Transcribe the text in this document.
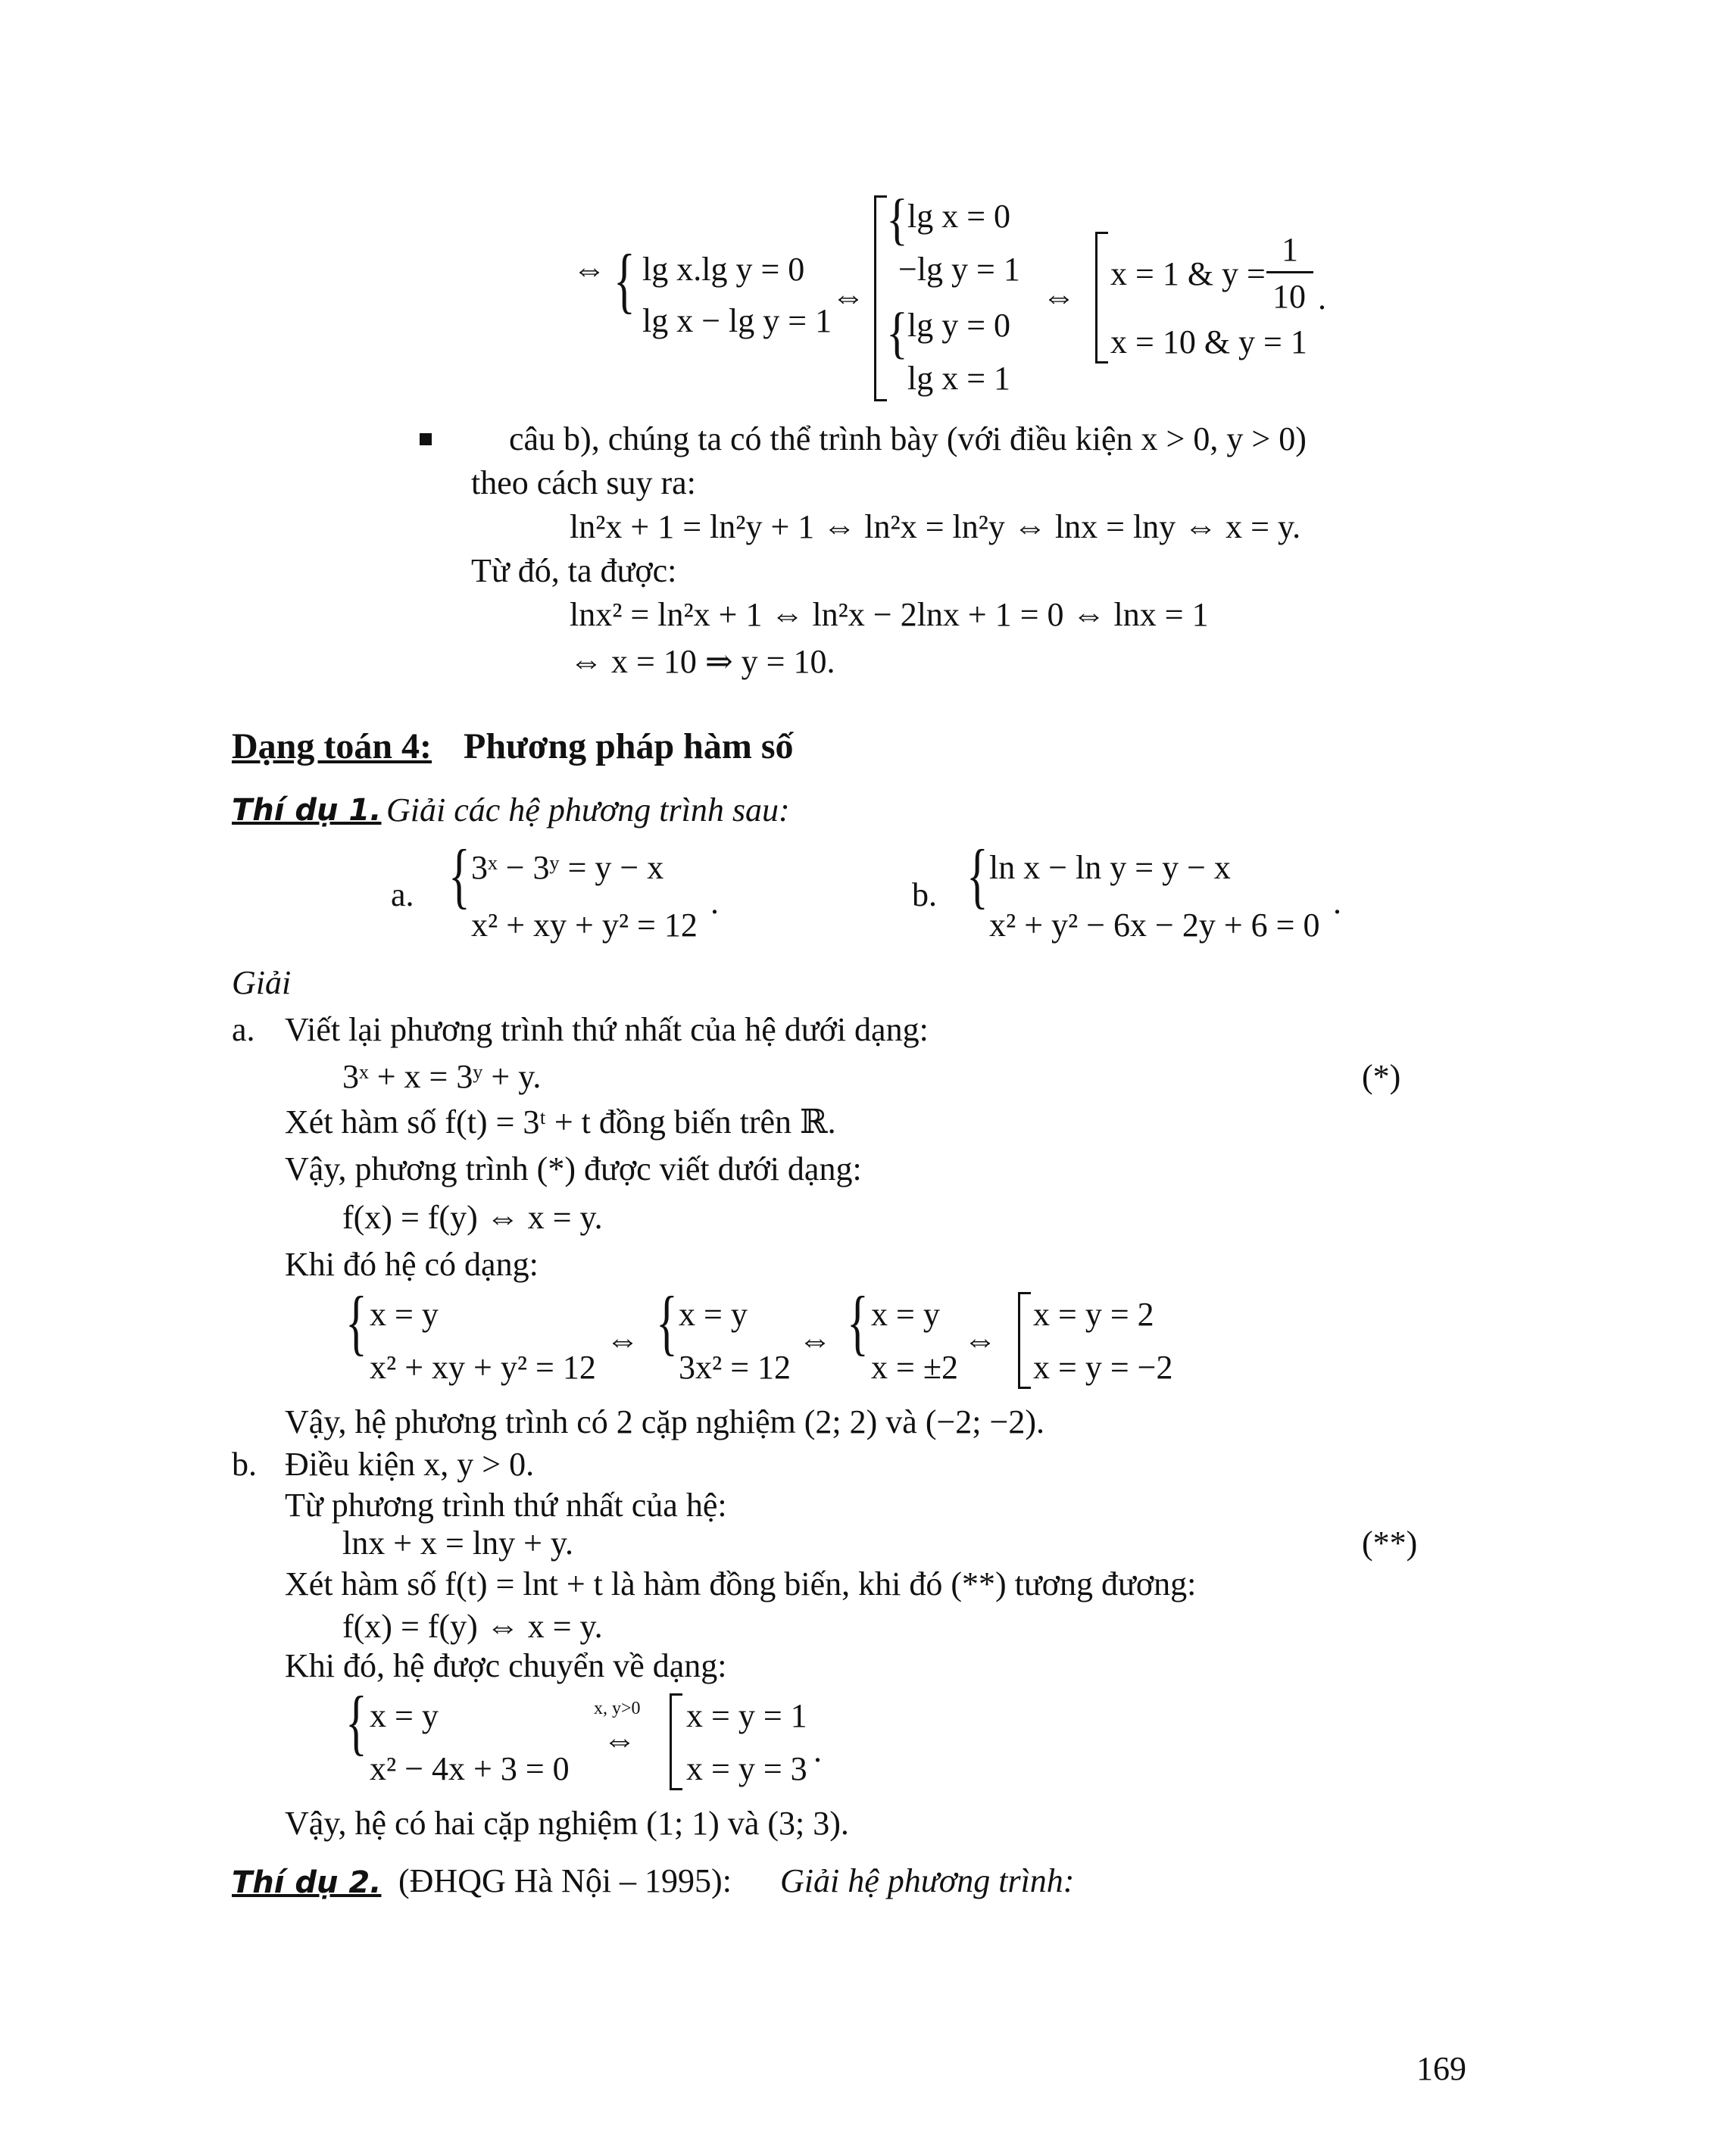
⇔ { lg x.lg y = 0
lg x − lg y = 1
⇔
{ lg x = 0
−lg y = 1
{ lg y = 0
lg x = 1
⇔
x = 1 & y =
1
10 .
x = 10 & y = 1
câu b), chúng ta có thể trình bày (với điều kiện x > 0, y > 0)
theo cách suy ra:
ln²x + 1 = ln²y + 1 ⇔ ln²x = ln²y ⇔ lnx = lny ⇔ x = y.
Từ đó, ta được:
lnx² = ln²x + 1 ⇔ ln²x − 2lnx + 1 = 0 ⇔ lnx = 1
⇔ x = 10 ⇒ y = 10.
Dạng toán 4: Phương pháp hàm số
Thí dụ 1. Giải các hệ phương trình sau:
a. { 3ˣ − 3ʸ = y − x
x² + xy + y² = 12
.	b. { ln x − ln y = y − x
x² + y² − 6x − 2y + 6 = 0
.
Giải
a. Viết lại phương trình thứ nhất của hệ dưới dạng:
3ˣ + x = 3ʸ + y.	(*)
Xét hàm số f(t) = 3ᵗ + t đồng biến trên ℝ.
Vậy, phương trình (*) được viết dưới dạng:
f(x) = f(y) ⇔ x = y.
Khi đó hệ có dạng:
{ x = y
x² + xy + y² = 12
⇔ { x = y
3x² = 12
⇔ { x = y
x = ±2
⇔
x = y = 2
x = y = −2
Vậy, hệ phương trình có 2 cặp nghiệm (2; 2) và (−2; −2).
b. Điều kiện x, y > 0.
Từ phương trình thứ nhất của hệ:
lnx + x = lny + y.	(**)
Xét hàm số f(t) = lnt + t là hàm đồng biến, khi đó (**) tương đương:
f(x) = f(y) ⇔ x = y.
Khi đó, hệ được chuyển về dạng:
{ x = y
x² − 4x + 3 = 0
x, y>0
⇔
x = y = 1
x = y = 3 .
Vậy, hệ có hai cặp nghiệm (1; 1) và (3; 3).
Thí dụ 2. (ĐHQG Hà Nội – 1995): Giải hệ phương trình:
169
